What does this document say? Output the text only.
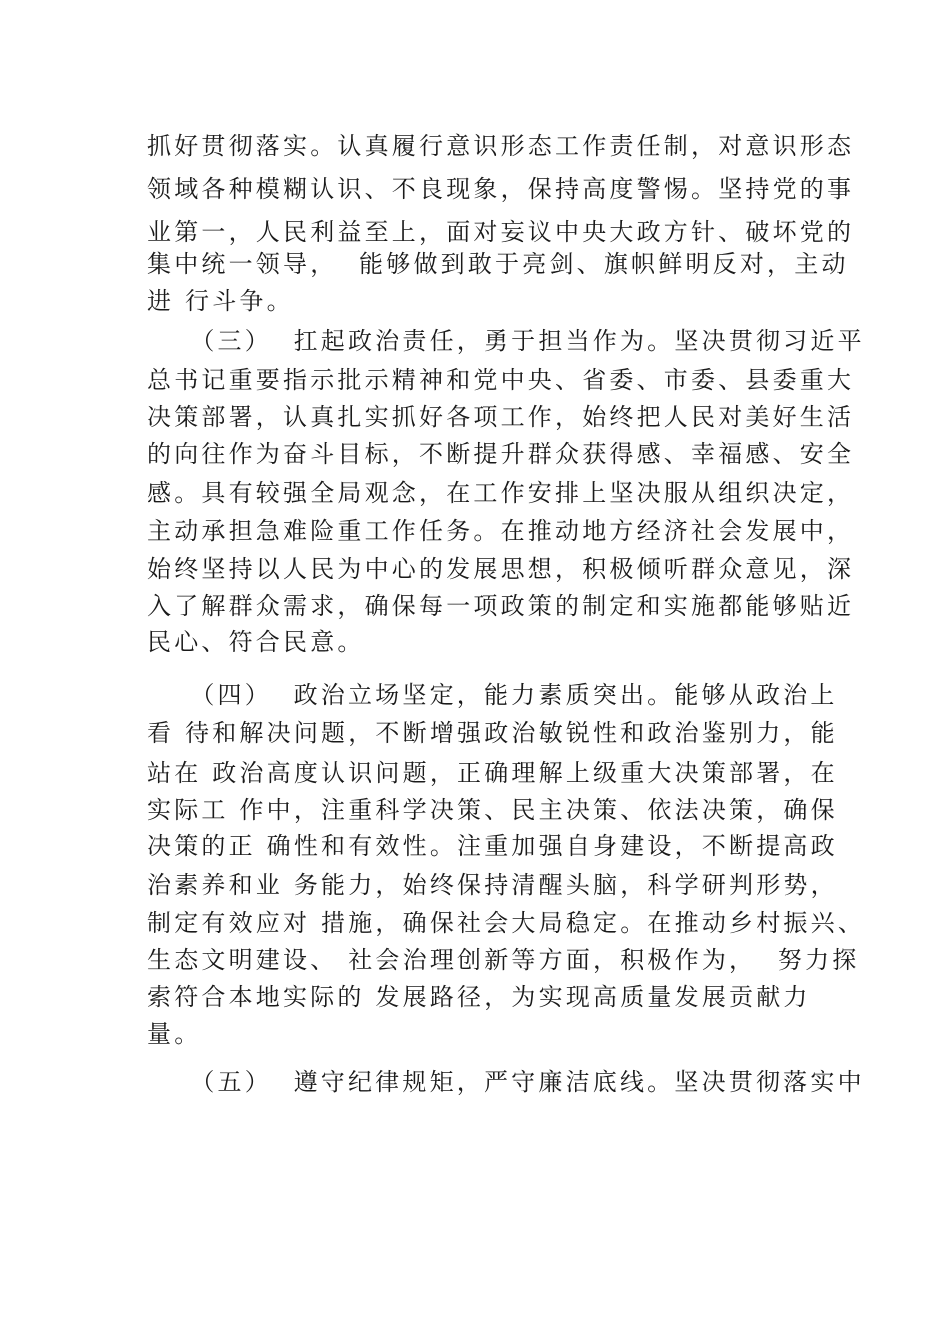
抓好贯彻落实。认真履行意识形态工作责任制，对意识形态
领域各种模糊认识、不良现象，保持高度警惕。坚持党的事
业第一，人民利益至上，面对妄议中央大政方针、破坏党的
集中统一领导，  能够做到敢于亮剑、旗帜鲜明反对，主动
进 行斗争。
（三）  扛起政治责任，勇于担当作为。坚决贯彻习近平
总书记重要指示批示精神和党中央、省委、市委、县委重大
决策部署，认真扎实抓好各项工作，始终把人民对美好生活
的向往作为奋斗目标，不断提升群众获得感、幸福感、安全
感。具有较强全局观念，在工作安排上坚决服从组织决定，
主动承担急难险重工作任务。在推动地方经济社会发展中，
始终坚持以人民为中心的发展思想，积极倾听群众意见，深
入了解群众需求，确保每一项政策的制定和实施都能够贴近
民心、符合民意。
（四）  政治立场坚定，能力素质突出。能够从政治上
看 待和解决问题，不断增强政治敏锐性和政治鉴别力，能
站在 政治高度认识问题，正确理解上级重大决策部署，在
实际工 作中，注重科学决策、民主决策、依法决策，确保
决策的正 确性和有效性。注重加强自身建设，不断提高政
治素养和业 务能力，始终保持清醒头脑，科学研判形势，
制定有效应对 措施，确保社会大局稳定。在推动乡村振兴、
生态文明建设、 社会治理创新等方面，积极作为，  努力探
索符合本地实际的 发展路径，为实现高质量发展贡献力
量。
（五）  遵守纪律规矩，严守廉洁底线。坚决贯彻落实中
